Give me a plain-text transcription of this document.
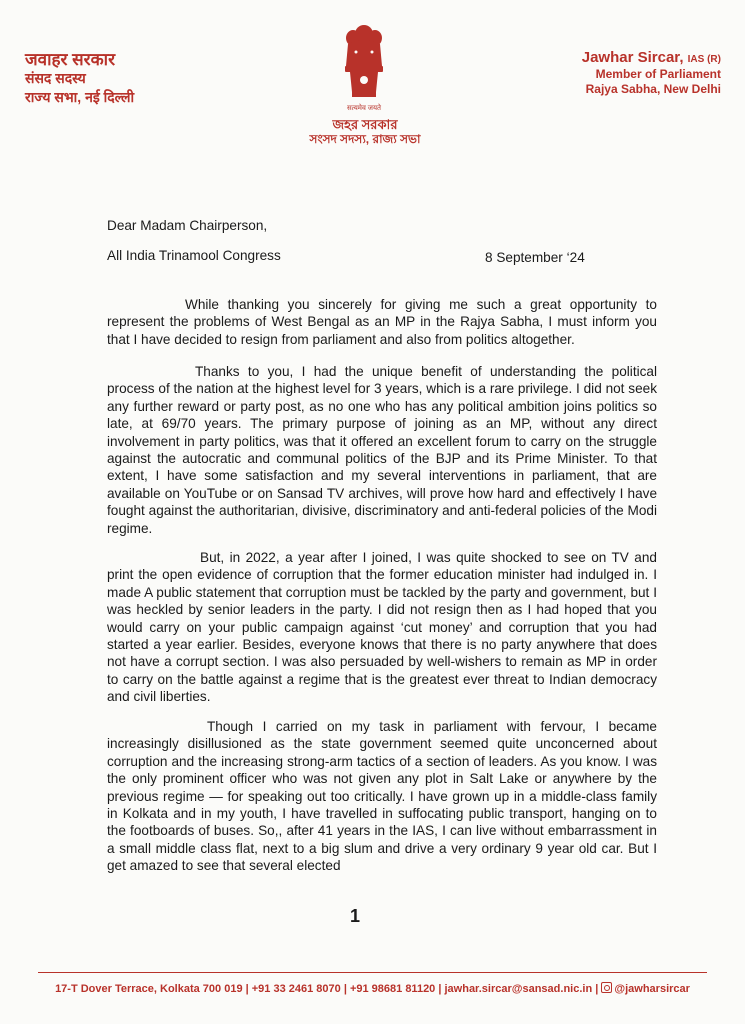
जवाहर सरकार
संसद सदस्य
राज्य सभा, नई दिल्ली
सत्यमेव जयते
জহর সরকার
সংসদ সদস্য, রাজ্য সভা
Jawhar Sircar, IAS (R)
Member of Parliament
Rajya Sabha, New Delhi
Dear Madam Chairperson,
All India Trinamool Congress	8 September ‘24

While thanking you sincerely for giving me such a great opportunity to represent the problems of West Bengal as an MP in the Rajya Sabha, I must inform you that I have decided to resign from parliament and also from politics altogether.

Thanks to you, I had the unique benefit of understanding the political process of the nation at the highest level for 3 years, which is a rare privilege. I did not seek any further reward or party post, as no one who has any political ambition joins politics so late, at 69/70 years. The primary purpose of joining as an MP, without any direct involvement in party politics, was that it offered an excellent forum to carry on the struggle against the autocratic and communal politics of the BJP and its Prime Minister. To that extent, I have some satisfaction and my several interventions in parliament, that are available on YouTube or on Sansad TV archives, will prove how hard and effectively I have fought against the authoritarian, divisive, discriminatory and anti-federal policies of the Modi regime.

But, in 2022, a year after I joined, I was quite shocked to see on TV and print the open evidence of corruption that the former education minister had indulged in. I made A public statement that corruption must be tackled by the party and government, but I was heckled by senior leaders in the party. I did not resign then as I had hoped that you would carry on your public campaign against ‘cut money’ and corruption that you had started a year earlier. Besides, everyone knows that there is no party anywhere that does not have a corrupt section. I was also persuaded by well-wishers to remain as MP in order to carry on the battle against a regime that is the greatest ever threat to Indian democracy and civil liberties.

Though I carried on my task in parliament with fervour, I became increasingly disillusioned as the state government seemed quite unconcerned about corruption and the increasing strong-arm tactics of a section of leaders. As you know. I was the only prominent officer who was not given any plot in Salt Lake or anywhere by the previous regime — for speaking out too critically. I have grown up in a middle-class family in Kolkata and in my youth, I have travelled in suffocating public transport, hanging on to the footboards of buses. So,, after 41 years in the IAS, I can live without embarrassment in a small middle class flat, next to a big slum and drive a very ordinary 9 year old car. But I get amazed to see that several elected

1
17-T Dover Terrace, Kolkata 700 019 | +91 33 2461 8070 | +91 98681 81120 | jawhar.sircar@sansad.nic.in | @jawharsircar
